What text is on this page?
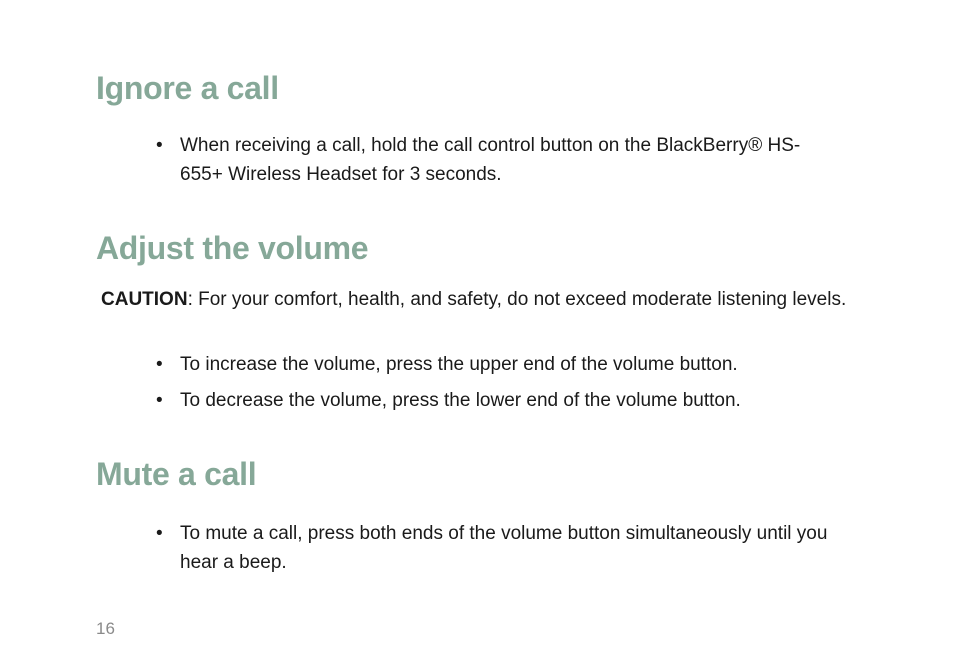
Ignore a call

• When receiving a call, hold the call control button on the BlackBerry® HS-655+ Wireless Headset for 3 seconds.

Adjust the volume

CAUTION: For your comfort, health, and safety, do not exceed moderate listening levels.

• To increase the volume, press the upper end of the volume button.

• To decrease the volume, press the lower end of the volume button.

Mute a call

• To mute a call, press both ends of the volume button simultaneously until you hear a beep.

16
